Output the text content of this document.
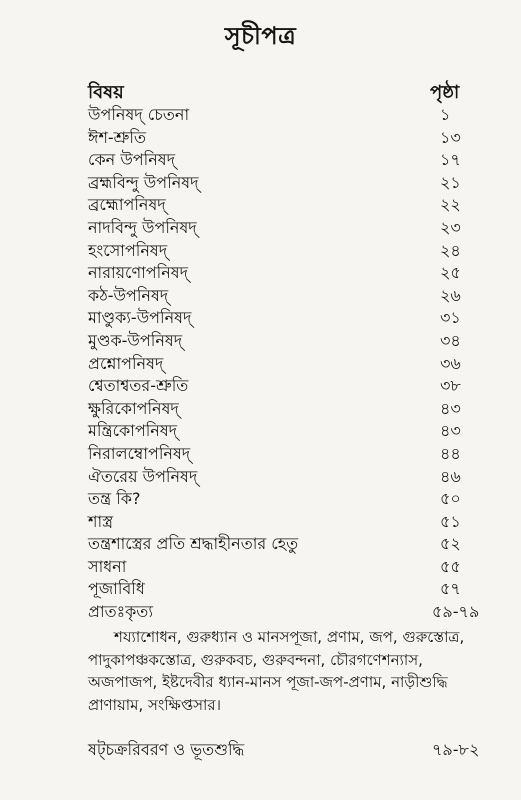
সূচীপত্র
বিষয়	পৃষ্ঠা
উপনিষদ্ চেতনা	১
ঈশ-শ্রুতি	১৩
কেন উপনিষদ্	১৭
ব্রহ্মবিন্দু উপনিষদ্	২১
ব্রহ্মোপনিষদ্	২২
নাদবিন্দু উপনিষদ্	২৩
হংসোপনিষদ্	২৪
নারায়ণোপনিষদ্	২৫
কঠ-উপনিষদ্	২৬
মাণ্ডুক্য-উপনিষদ্	৩১
মুণ্ডক-উপনিষদ্	৩৪
প্রশ্নোপনিষদ্	৩৬
শ্বেতাশ্বতর-শ্রুতি	৩৮
ক্ষুরিকোপনিষদ্	৪৩
মন্ত্রিকোপনিষদ্	৪৩
নিরালম্বোপনিষদ্	৪৪
ঐতরেয় উপনিষদ্	৪৬
তন্ত্র কি?	৫০
শাস্ত্র	৫১
তন্ত্রশাস্ত্রের প্রতি শ্রদ্ধাহীনতার হেতু	৫২
সাধনা	৫৫
পূজাবিধি	৫৭
প্রাতঃকৃত্য	৫৯-৭৯
শয্যাশোধন, গুরুধ্যান ও মানসপূজা, প্রণাম, জপ, গুরুস্তোত্র,
পাদুকাপঞ্চকস্তোত্র, গুরুকবচ, গুরুবন্দনা, চৌরগণেশন্যাস,
অজপাজপ, ইষ্টদেবীর ধ্যান-মানস পূজা-জপ-প্রণাম, নাড়ীশুদ্ধি
প্রাণায়াম, সংক্ষিপ্তসার।
ষট্চক্ররিবরণ ও ভূতশুদ্ধি	৭৯-৮২
